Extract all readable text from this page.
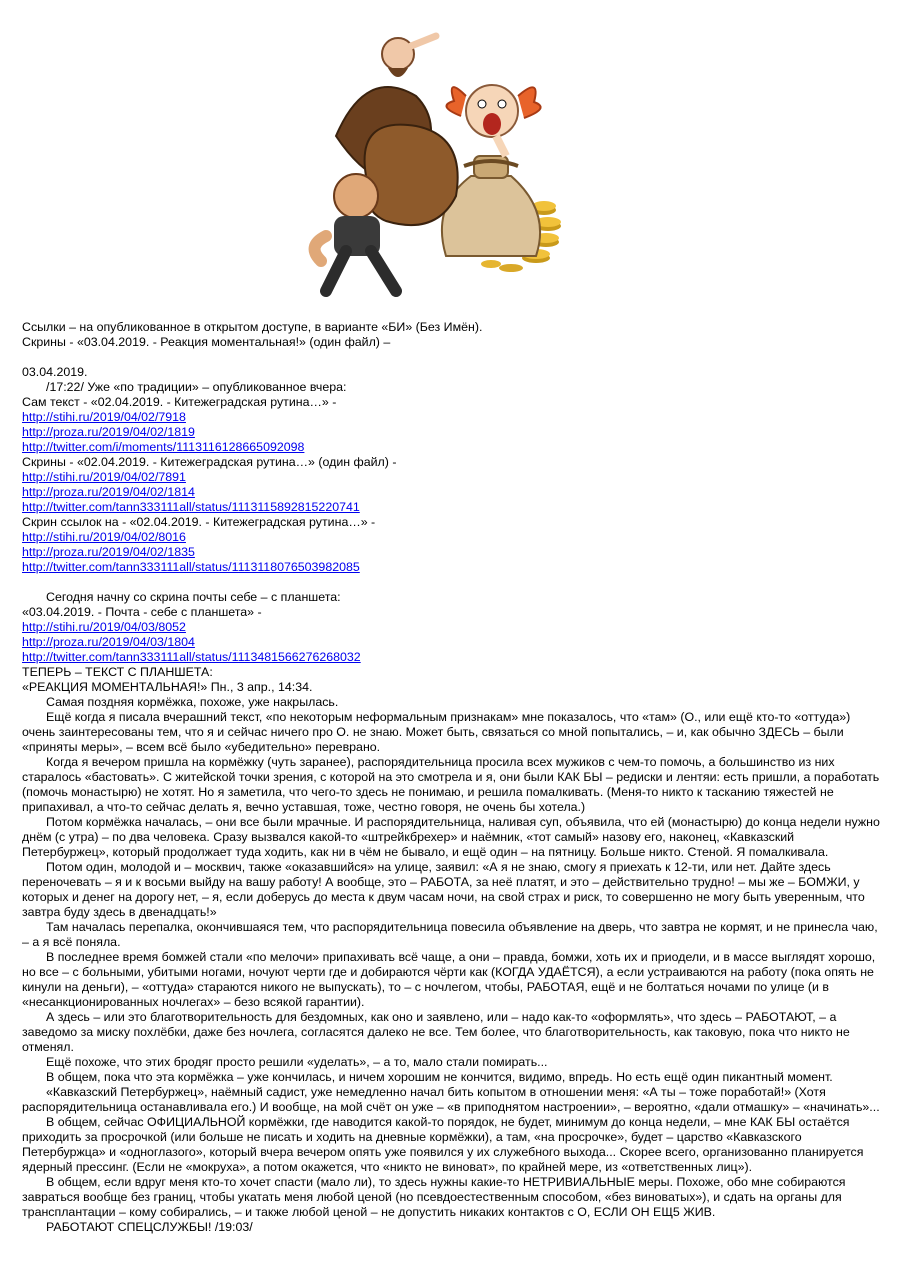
Ссылки – на опубликованное в открытом доступе, в варианте «БИ» (Без Имён).
Скрины - «03.04.2019. - Реакция моментальная!» (один файл) –
03.04.2019.
/17:22/ Уже «по традиции» – опубликованное вчера:
Сам текст - «02.04.2019. - Китежеградская рутина…» -
http://stihi.ru/2019/04/02/7918
http://proza.ru/2019/04/02/1819
http://twitter.com/i/moments/1113116128665092098
Скрины - «02.04.2019. - Китежеградская рутина…» (один файл) -
http://stihi.ru/2019/04/02/7891
http://proza.ru/2019/04/02/1814
http://twitter.com/tann333111all/status/1113115892815220741
Скрин ссылок на - «02.04.2019. - Китежеградская рутина…» -
http://stihi.ru/2019/04/02/8016
http://proza.ru/2019/04/02/1835
http://twitter.com/tann333111all/status/1113118076503982085
Сегодня начну со скрина почты себе – с планшета:
«03.04.2019. - Почта - себе с планшета» -
http://stihi.ru/2019/04/03/8052
http://proza.ru/2019/04/03/1804
http://twitter.com/tann333111all/status/1113481566276268032
ТЕПЕРЬ – ТЕКСТ С ПЛАНШЕТА:
«РЕАКЦИЯ МОМЕНТАЛЬНАЯ!» Пн., 3 апр., 14:34.

Самая поздняя кормёжка, похоже, уже накрылась.

Ещё когда я писала вчерашний текст, «по некоторым неформальным признакам» мне показалось, что «там» (О., или ещё кто-то «оттуда») очень заинтересованы тем, что я и сейчас ничего про О. не знаю. Может быть, связаться со мной попытались, – и, как обычно ЗДЕСЬ – были «приняты меры», – всем всё было «убедительно» переврано.

Когда я вечером пришла на кормёжку (чуть заранее), распорядительница просила всех мужиков с чем-то помочь, а большинство из них старалось «бастовать». С житейской точки зрения, с которой на это смотрела и я, они были КАК БЫ – редиски и лентяи: есть пришли, а поработать (помочь монастырю) не хотят. Но я заметила, что чего-то здесь не понимаю, и решила помалкивать. (Меня-то никто к тасканию тяжестей не припахивал, а что-то сейчас делать я, вечно уставшая, тоже, честно говоря, не очень бы хотела.)

Потом кормёжка началась, – они все были мрачные. И распорядительница, наливая суп, объявила, что ей (монастырю) до конца недели нужно днём (с утра) – по два человека. Сразу вызвался какой-то «штрейкбрехер» и наёмник, «тот самый» назову его, наконец, «Кавказский Петербуржец», который продолжает туда ходить, как ни в чём не бывало, и ещё один – на пятницу. Больше никто. Стеной. Я помалкивала.

Потом один, молодой и – москвич, также «оказавшийся» на улице, заявил: «А я не знаю, смогу я приехать к 12-ти, или нет. Дайте здесь переночевать – я и к восьми выйду на вашу работу! А вообще, это – РАБОТА, за неё платят, и это – действительно трудно! – мы же – БОМЖИ, у которых и денег на дорогу нет, – я, если доберусь до места к двум часам ночи, на свой страх и риск, то совершенно не могу быть уверенным, что завтра буду здесь в двенадцать!»

Там началась перепалка, окончившаяся тем, что распорядительница повесила объявление на дверь, что завтра не кормят, и не принесла чаю, – а я всё поняла.

В последнее время бомжей стали «по мелочи» припахивать всё чаще, а они – правда, бомжи, хоть их и приодели, и в массе выглядят хорошо, но все – с больными, убитыми ногами, ночуют черти где и добираются чёрти как (КОГДА УДАЁТСЯ), а если устраиваются на работу (пока опять не кинули на деньги), – «оттуда» стараются никого не выпускать), то – с ночлегом, чтобы, РАБОТАЯ, ещё и не болтаться ночами по улице (и в «несанкционированных ночлегах» – безо всякой гарантии).

А здесь – или это благотворительность для бездомных, как оно и заявлено, или – надо как-то «оформлять», что здесь – РАБОТАЮТ, – а заведомо за миску похлёбки, даже без ночлега, согласятся далеко не все. Тем более, что благотворительность, как таковую, пока что никто не отменял.

Ещё похоже, что этих бродяг просто решили «уделать», – а то, мало стали помирать...

В общем, пока что эта кормёжка – уже кончилась, и ничем хорошим не кончится, видимо, впредь. Но есть ещё один пикантный момент.

«Кавказский Петербуржец», наёмный садист, уже немедленно начал бить копытом в отношении меня: «А ты – тоже поработай!» (Хотя распорядительница останавливала его.) И вообще, на мой счёт он уже – «в приподнятом настроении», – вероятно, «дали отмашку» – «начинать»...

В общем, сейчас ОФИЦИАЛЬНОЙ кормёжки, где наводится какой-то порядок, не будет, минимум до конца недели, – мне КАК БЫ остаётся приходить за просрочкой (или больше не писать и ходить на дневные кормёжки), а там, «на просрочке», будет – царство «Кавказского Петербуржца» и «одноглазого», который вчера вечером опять уже появился у их служебного выхода... Скорее всего, организованно планируется ядерный прессинг. (Если не «мокруха», а потом окажется, что «никто не виноват», по крайней мере, из «ответственных лиц»).

В общем, если вдруг меня кто-то хочет спасти (мало ли), то здесь нужны какие-то НЕТРИВИАЛЬНЫЕ меры. Похоже, обо мне собираются завраться вообще без границ, чтобы укатать меня любой ценой (но псевдоестественным способом, «без виноватых»), и сдать на органы для трансплантации – кому собирались, – и также любой ценой – не допустить никаких контактов с О, ЕСЛИ ОН ЕЩ5 ЖИВ.

РАБОТАЮТ СПЕЦСЛУЖБЫ! /19:03/
